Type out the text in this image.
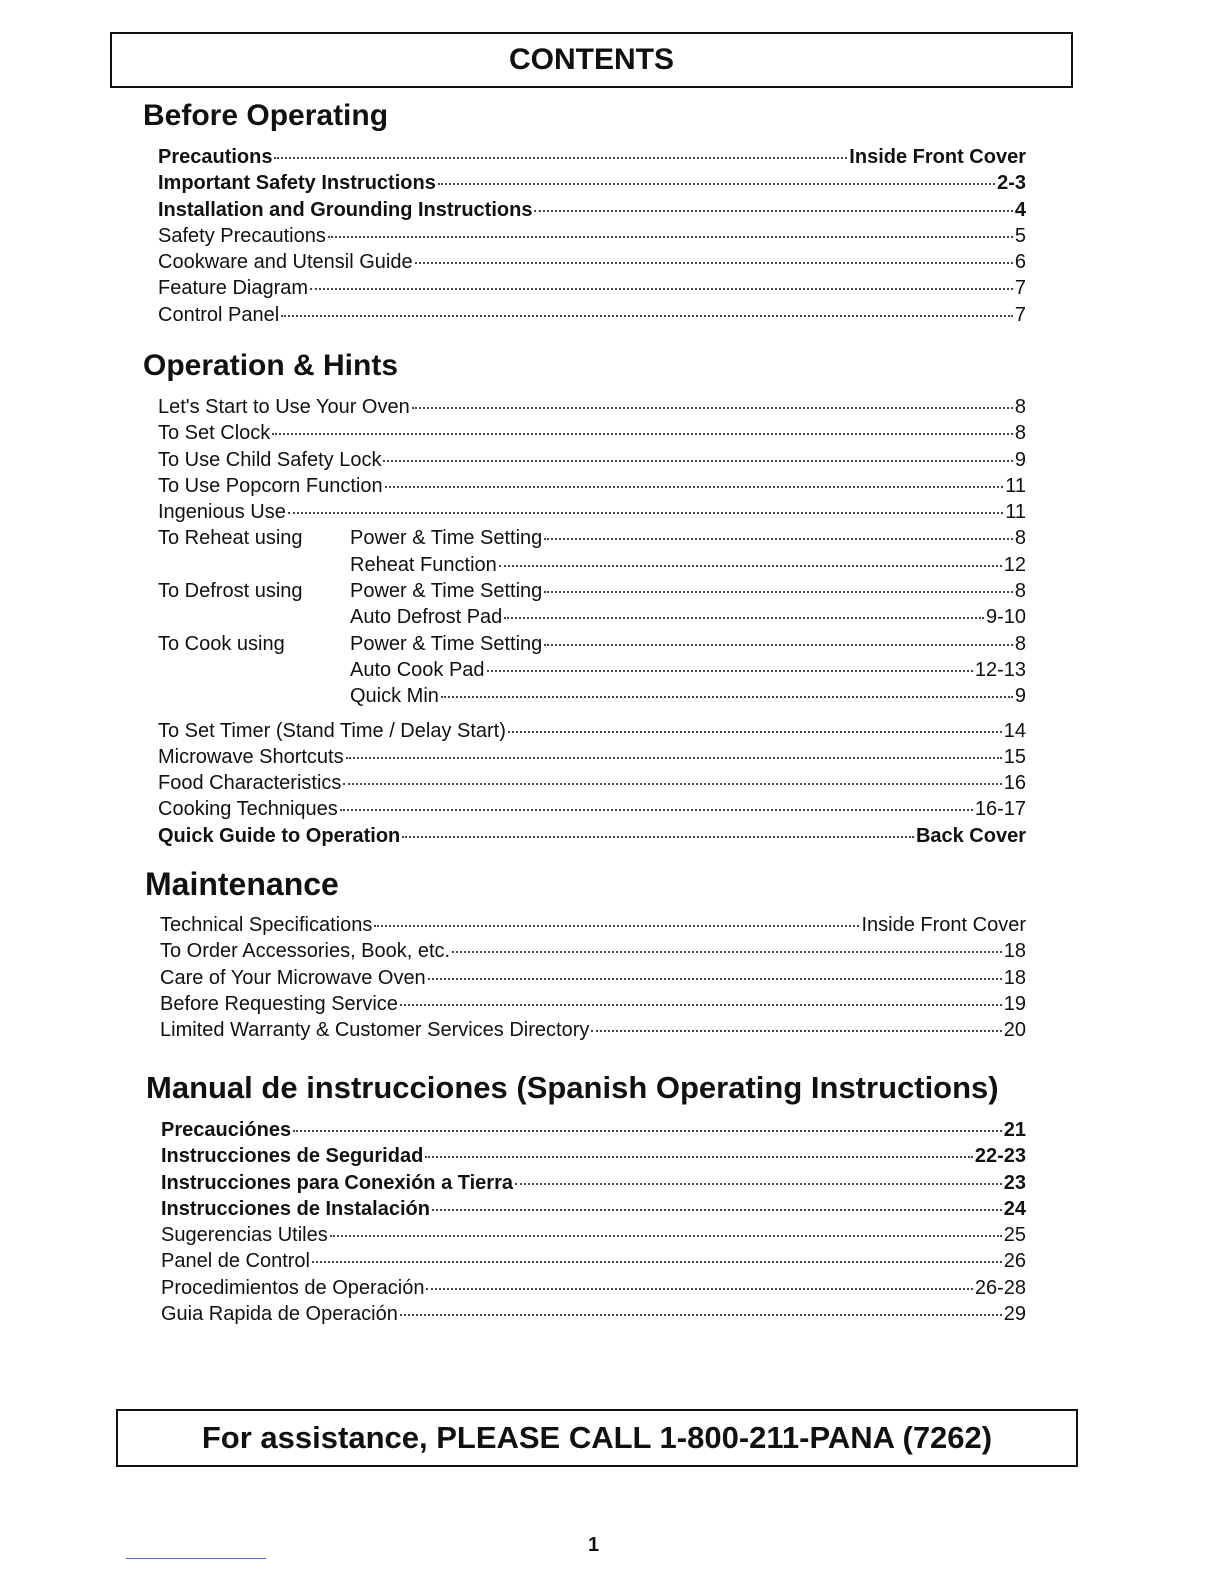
CONTENTS
Before Operating
Precautions	Inside Front Cover
Important Safety Instructions	2-3
Installation and Grounding Instructions	4
Safety Precautions	5
Cookware and Utensil Guide	6
Feature Diagram	7
Control Panel	7
Operation & Hints
Let's Start to Use Your Oven	8
To Set Clock	8
To Use Child Safety Lock	9
To Use Popcorn Function	11
Ingenious Use	11
To Reheat using	Power & Time Setting	8
Reheat Function	12
To Defrost using	Power & Time Setting	8
Auto Defrost Pad	9-10
To Cook using	Power & Time Setting	8
Auto Cook Pad	12-13
Quick Min	9
To Set Timer (Stand Time / Delay Start)	14
Microwave Shortcuts	15
Food Characteristics	16
Cooking Techniques	16-17
Quick Guide to Operation	Back Cover
Maintenance
Technical Specifications	Inside Front Cover
To Order Accessories, Book, etc.	18
Care of Your Microwave Oven	18
Before Requesting Service	19
Limited Warranty & Customer Services Directory	20
Manual de instrucciones (Spanish Operating Instructions)
Precauciónes	21
Instrucciones de Seguridad	22-23
Instrucciones para Conexión a Tierra	23
Instrucciones de Instalación	24
Sugerencias Utiles	25
Panel de Control	26
Procedimientos de Operación	26-28
Guia Rapida de Operación	29
For assistance, PLEASE CALL 1-800-211-PANA (7262)
1
